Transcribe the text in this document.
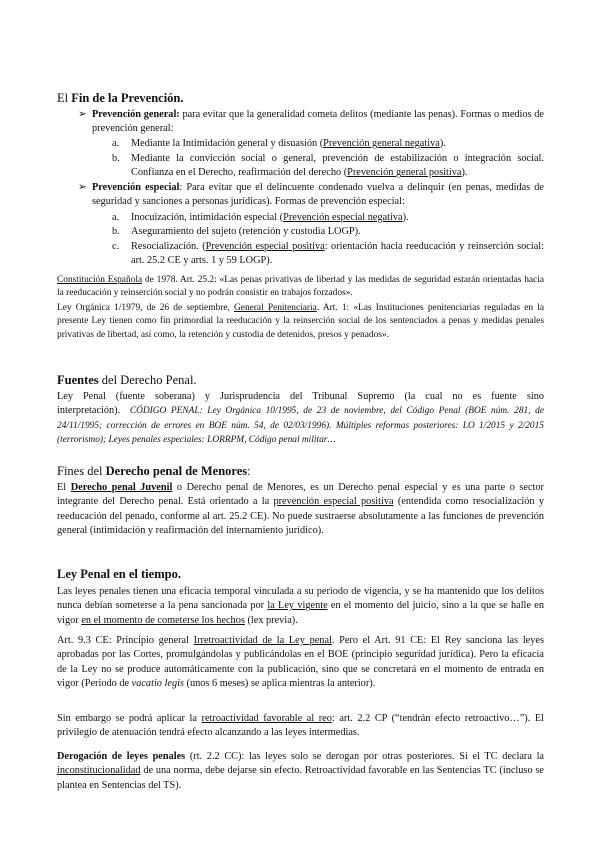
El Fin de la Prevención.
➢ Prevención general: para evitar que la generalidad cometa delitos (mediante las penas). Formas o medios de prevención general:
a. Mediante la Intimidación general y disuasión (Prevención general negativa).
b. Mediante la convicción social o general, prevención de estabilización o integración social. Confianza en el Derecho, reafirmación del derecho (Prevención general positiva).
➢ Prevención especial: Para evitar que el delincuente condenado vuelva a delinquir (en penas, medidas de seguridad y sanciones a personas jurídicas). Formas de prevención especial:
a. Inocuización, intimidación especial (Prevención especial negativa).
b. Aseguramiento del sujeto (retención y custodia LOGP).
c. Resocialización. (Prevención especial positiva: orientación hacia reeducación y reinserción social: art. 25.2 CE y arts. 1 y 59 LOGP).
Constitución Española de 1978. Art. 25.2: «Las penas privativas de libertad y las medidas de seguridad estarán orientadas hacia la reeducación y reinserción social y no podrán consistir en trabajos forzados».
Ley Orgánica 1/1979, de 26 de septiembre, General Penitenciaria. Art. 1: «Las Instituciones penitenciarias reguladas en la presente Ley tienen como fin primordial la reeducación y la reinserción social de los sentenciados a penas y medidas penales privativas de libertad, así como, la retención y custodia de detenidos, presos y penados».
Fuentes del Derecho Penal.
Ley Penal (fuente soberana) y Jurisprudencia del Tribunal Supremo (la cual no es fuente sino interpretación). CÓDIGO PENAL: Ley Orgánica 10/1995, de 23 de noviembre, del Código Penal (BOE núm. 281, de 24/11/1995; corrección de errores en BOE núm. 54, de 02/03/1996). Múltiples reformas posteriores: LO 1/2015 y 2/2015 (terrorismo); Leyes penales especiales: LORRPM, Código penal militar…
Fines del Derecho penal de Menores:
El Derecho penal Juvenil o Derecho penal de Menores, es un Derecho penal especial y es una parte o sector integrante del Derecho penal. Está orientado a la prevención especial positiva (entendida como resocialización y reeducación del penado, conforme al art. 25.2 CE). No puede sustraerse absolutamente a las funciones de prevención general (intimidación y reafirmación del internamiento jurídico).
Ley Penal en el tiempo.
Las leyes penales tienen una eficacia temporal vinculada a su periodo de vigencia, y se ha mantenido que los delitos nunca debían someterse a la pena sancionada por la Ley vigente en el momento del juicio, sino a la que se halle en vigor en el momento de cometerse los hechos (lex previa).
Art. 9.3 CE: Principio general Irretroactividad de la Ley penal. Pero el Art. 91 CE: El Rey sanciona las leyes aprobadas por las Cortes, promulgándolas y publicándolas en el BOE (principio seguridad jurídica). Pero la eficacia de la Ley no se produce automáticamente con la publicación, sino que se concretará en el momento de entrada en vigor (Periodo de vacatio legis (unos 6 meses) se aplica mientras la anterior).
Sin embargo se podrá aplicar la retroactividad favorable al reo: art. 2.2 CP (“tendrán efecto retroactivo…”). El privilegio de atenuación tendrá efecto alcanzando a las leyes intermedias.
Derogación de leyes penales (rt. 2.2 CC): las leyes solo se derogan por otras posteriores. Si el TC declara la inconstitucionalidad de una norma, debe dejarse sin efecto. Retroactividad favorable en las Sentencias TC (incluso se plantea en Sentencias del TS).
